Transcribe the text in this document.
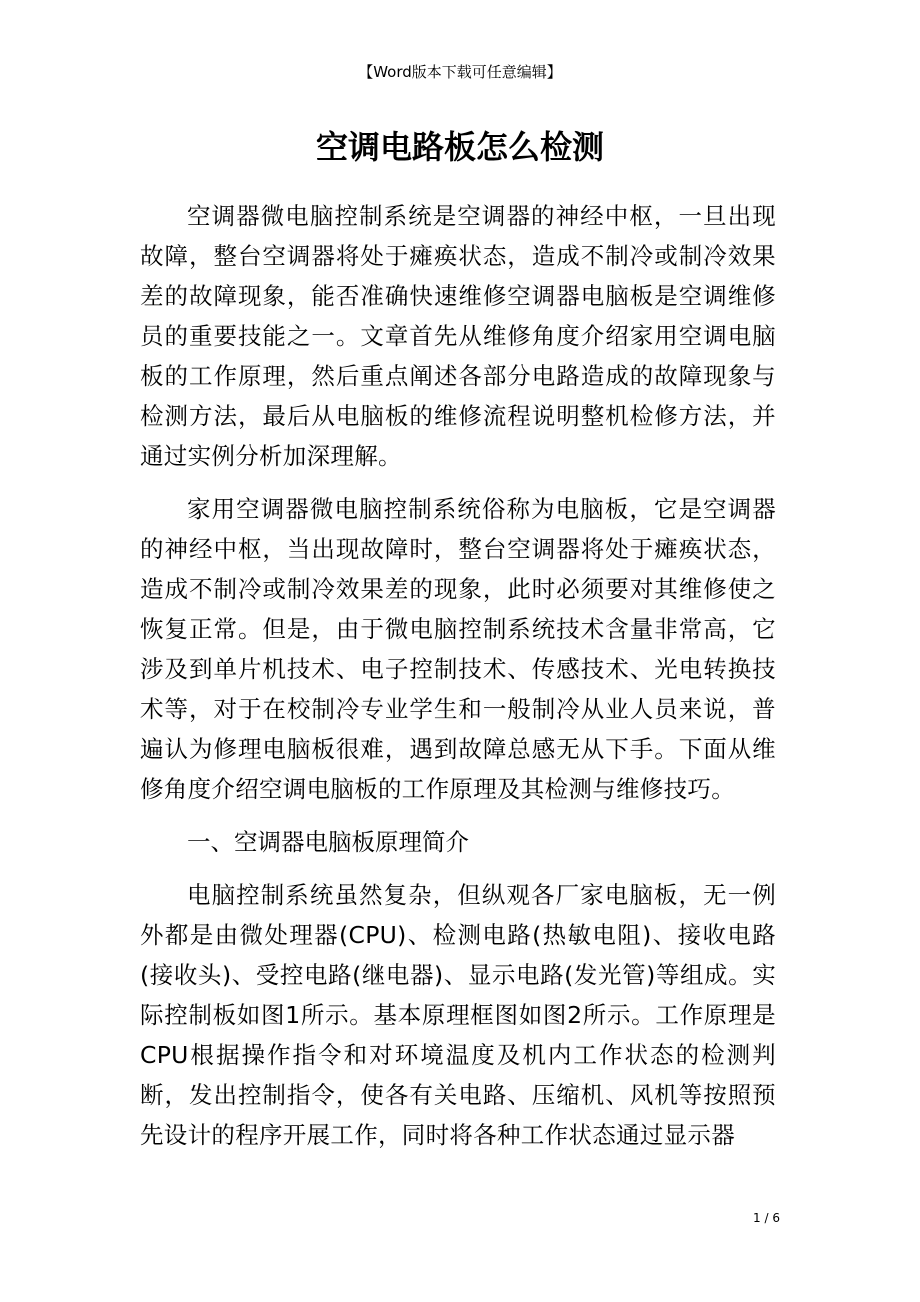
【Word版本下载可任意编辑】
空调电路板怎么检测

空调器微电脑控制系统是空调器的神经中枢，一旦出现故障，整台空调器将处于瘫痪状态，造成不制冷或制冷效果差的故障现象，能否准确快速维修空调器电脑板是空调维修员的重要技能之一。文章首先从维修角度介绍家用空调电脑板的工作原理，然后重点阐述各部分电路造成的故障现象与检测方法，最后从电脑板的维修流程说明整机检修方法，并通过实例分析加深理解。

家用空调器微电脑控制系统俗称为电脑板，它是空调器的神经中枢，当出现故障时，整台空调器将处于瘫痪状态，造成不制冷或制冷效果差的现象，此时必须要对其维修使之恢复正常。但是，由于微电脑控制系统技术含量非常高，它涉及到单片机技术、电子控制技术、传感技术、光电转换技术等，对于在校制冷专业学生和一般制冷从业人员来说，普遍认为修理电脑板很难，遇到故障总感无从下手。下面从维修角度介绍空调电脑板的工作原理及其检测与维修技巧。

一、空调器电脑板原理简介

电脑控制系统虽然复杂，但纵观各厂家电脑板，无一例外都是由微处理器(CPU)、检测电路(热敏电阻)、接收电路(接收头)、受控电路(继电器)、显示电路(发光管)等组成。实际控制板如图1所示。基本原理框图如图2所示。工作原理是CPU根据操作指令和对环境温度及机内工作状态的检测判断，发出控制指令，使各有关电路、压缩机、风机等按照预先设计的程序开展工作，同时将各种工作状态通过显示器

1 / 6
